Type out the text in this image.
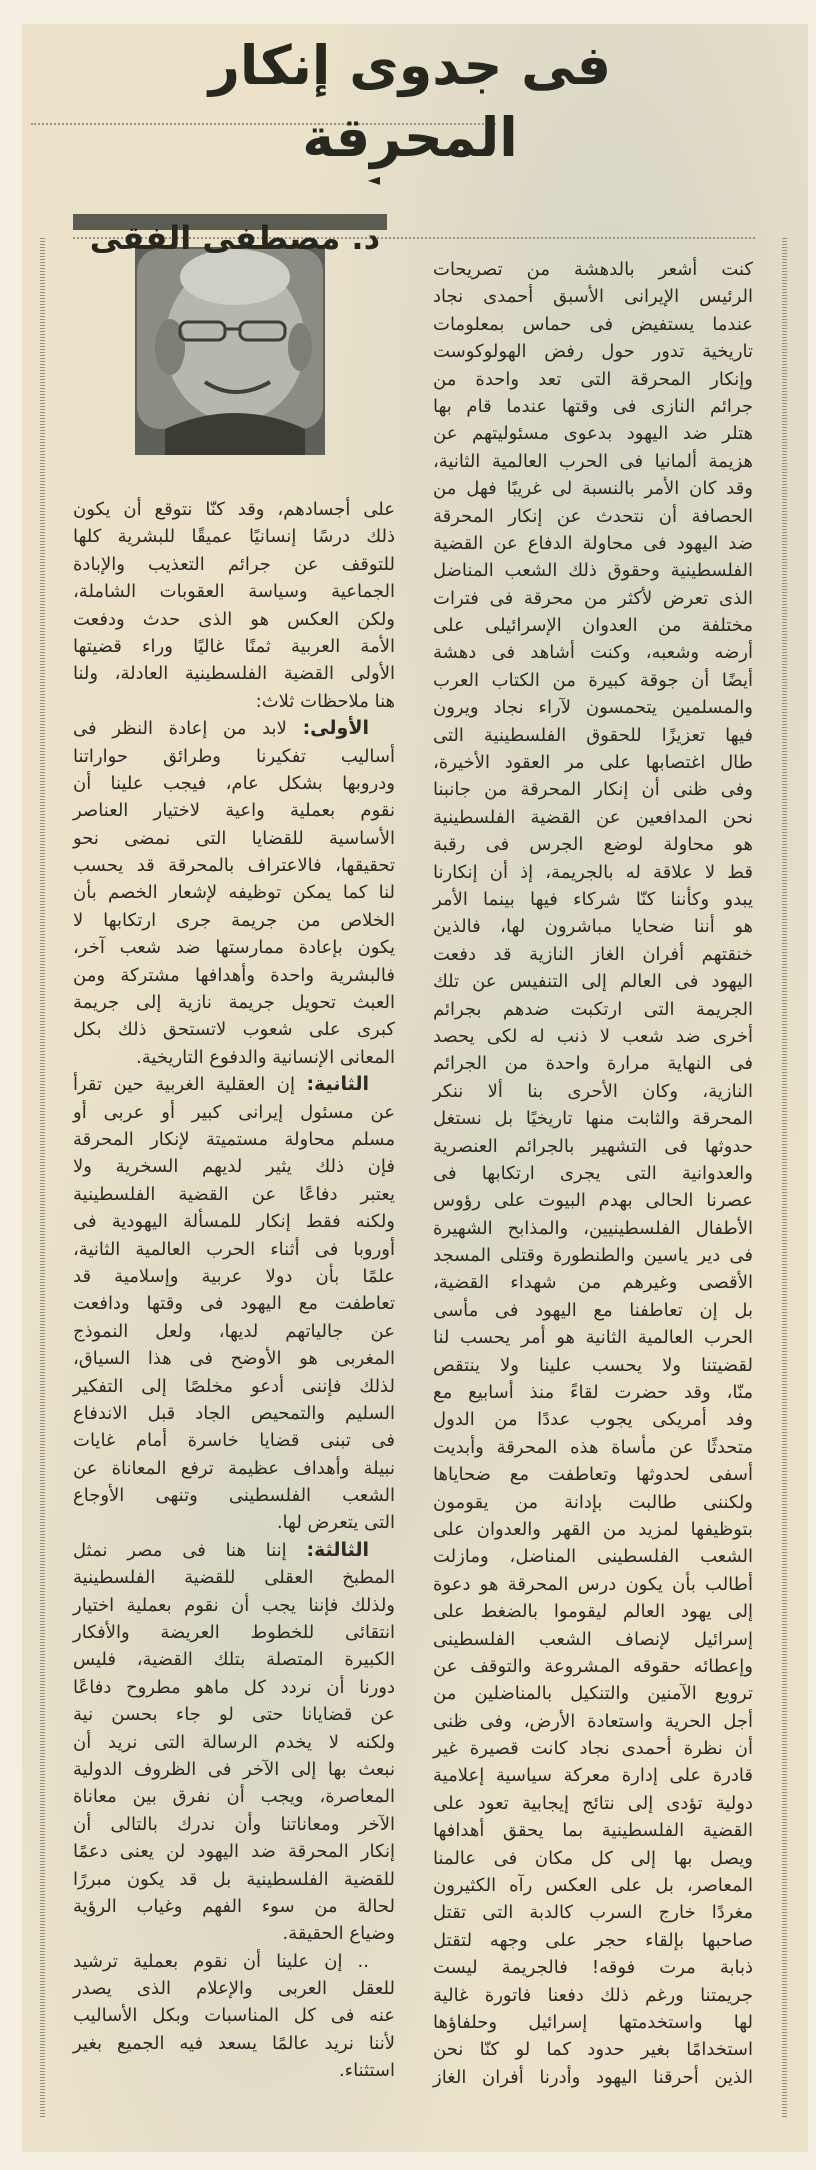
فى جدوى إنكار المحرقة
◄د. مصطفى الفقى
كنت أشعر بالدهشة من تصريحات
الرئيس الإيرانى الأسبق أحمدى نجاد
عندما يستفيض فى حماس بمعلومات
تاريخية تدور حول رفض الهولوكوست
وإنكار المحرقة التى تعد واحدة من
جرائم النازى فى وقتها عندما قام بها
هتلر ضد اليهود بدعوى مسئوليتهم عن
هزيمة ألمانيا فى الحرب العالمية الثانية،
وقد كان الأمر بالنسبة لى غريبًا فهل من
الحصافة أن نتحدث عن إنكار المحرقة
ضد اليهود فى محاولة الدفاع عن القضية
الفلسطينية وحقوق ذلك الشعب المناضل
الذى تعرض لأكثر من محرقة فى فترات
مختلفة من العدوان الإسرائيلى على
أرضه وشعبه، وكنت أشاهد فى دهشة
أيضًا أن جوقة كبيرة من الكتاب العرب
والمسلمين يتحمسون لآراء نجاد ويرون
فيها تعزيزًا للحقوق الفلسطينية التى
طال اغتصابها على مر العقود الأخيرة،
وفى ظنى أن إنكار المحرقة من جانبنا
نحن المدافعين عن القضية الفلسطينية
هو محاولة لوضع الجرس فى رقبة
قط لا علاقة له بالجريمة، إذ أن إنكارنا
يبدو وكأننا كنّا شركاء فيها بينما الأمر
هو أننا ضحايا مباشرون لها، فالذين
خنقتهم أفران الغاز النازية قد دفعت
اليهود فى العالم إلى التنفيس عن تلك
الجريمة التى ارتكبت ضدهم بجرائم
أخرى ضد شعب لا ذنب له لكى يحصد
فى النهاية مرارة واحدة من الجرائم
النازية، وكان الأحرى بنا ألا ننكر
المحرقة والثابت منها تاريخيًا بل نستغل
حدوثها فى التشهير بالجرائم العنصرية
والعدوانية التى يجرى ارتكابها فى
عصرنا الحالى بهدم البيوت على رؤوس
الأطفال الفلسطينيين، والمذابح الشهيرة
فى دير ياسين والطنطورة وقتلى المسجد
الأقصى وغيرهم من شهداء القضية،
بل إن تعاطفنا مع اليهود فى مأسى
الحرب العالمية الثانية هو أمر يحسب لنا
لقضيتنا ولا يحسب علينا ولا ينتقص
منّا، وقد حضرت لقاءً منذ أسابيع مع
وفد أمريكى يجوب عددًا من الدول
متحدثًا عن مأساة هذه المحرقة وأبديت
أسفى لحدوثها وتعاطفت مع ضحاياها
ولكننى طالبت بإدانة من يقومون
بتوظيفها لمزيد من القهر والعدوان على
الشعب الفلسطينى المناضل، ومازلت
أطالب بأن يكون درس المحرقة هو دعوة
إلى يهود العالم ليقوموا بالضغط على
إسرائيل لإنصاف الشعب الفلسطينى
وإعطائه حقوقه المشروعة والتوقف عن
ترويع الآمنين والتنكيل بالمناضلين من
أجل الحرية واستعادة الأرض، وفى ظنى
أن نظرة أحمدى نجاد كانت قصيرة غير
قادرة على إدارة معركة سياسية إعلامية
دولية تؤدى إلى نتائج إيجابية تعود على
القضية الفلسطينية بما يحقق أهدافها
ويصل بها إلى كل مكان فى عالمنا
المعاصر، بل على العكس رآه الكثيرون
مغردًا خارج السرب كالدبة التى تقتل
صاحبها بإلقاء حجر على وجهه لتقتل
ذبابة مرت فوقه! فالجريمة ليست
جريمتنا ورغم ذلك دفعنا فاتورة غالية
لها واستخدمتها إسرائيل وحلفاؤها
استخدامًا بغير حدود كما لو كنّا نحن
الذين أحرقنا اليهود وأدرنا أفران الغاز
على أجسادهم، وقد كنّا نتوقع أن يكون
ذلك درسًا إنسانيًا عميقًا للبشرية كلها
للتوقف عن جرائم التعذيب والإبادة
الجماعية وسياسة العقوبات الشاملة،
ولكن العكس هو الذى حدث ودفعت
الأمة العربية ثمنًا غاليًا وراء قضيتها
الأولى القضية الفلسطينية العادلة، ولنا
هنا ملاحظات ثلاث:
الأولى: لابد من إعادة النظر فى
أساليب تفكيرنا وطرائق حواراتنا
ودروبها بشكل عام، فيجب علينا أن
نقوم بعملية واعية لاختيار العناصر
الأساسية للقضايا التى نمضى نحو
تحقيقها، فالاعتراف بالمحرقة قد يحسب
لنا كما يمكن توظيفه لإشعار الخصم بأن
الخلاص من جريمة جرى ارتكابها لا
يكون بإعادة ممارستها ضد شعب آخر،
فالبشرية واحدة وأهدافها مشتركة ومن
العبث تحويل جريمة نازية إلى جريمة
كبرى على شعوب لاتستحق ذلك بكل
المعانى الإنسانية والدفوع التاريخية.
الثانية: إن العقلية الغربية حين تقرأ
عن مسئول إيرانى كبير أو عربى أو
مسلم محاولة مستميتة لإنكار المحرقة
فإن ذلك يثير لديهم السخرية ولا
يعتبر دفاعًا عن القضية الفلسطينية
ولكنه فقط إنكار للمسألة اليهودية فى
أوروبا فى أثناء الحرب العالمية الثانية،
علمًا بأن دولا عربية وإسلامية قد
تعاطفت مع اليهود فى وقتها ودافعت
عن جالياتهم لديها، ولعل النموذج
المغربى هو الأوضح فى هذا السياق،
لذلك فإننى أدعو مخلصًا إلى التفكير
السليم والتمحيص الجاد قبل الاندفاع
فى تبنى قضايا خاسرة أمام غايات
نبيلة وأهداف عظيمة ترفع المعاناة عن
الشعب الفلسطينى وتنهى الأوجاع
التى يتعرض لها.
الثالثة: إننا هنا فى مصر نمثل
المطبخ العقلى للقضية الفلسطينية
ولذلك فإننا يجب أن نقوم بعملية اختيار
انتقائى للخطوط العريضة والأفكار
الكبيرة المتصلة بتلك القضية، فليس
دورنا أن نردد كل ماهو مطروح دفاعًا
عن قضايانا حتى لو جاء بحسن نية
ولكنه لا يخدم الرسالة التى نريد أن
نبعث بها إلى الآخر فى الظروف الدولية
المعاصرة، ويجب أن نفرق بين معاناة
الآخر ومعاناتنا وأن ندرك بالتالى أن
إنكار المحرقة ضد اليهود لن يعنى دعمًا
للقضية الفلسطينية بل قد يكون مبررًا
لحالة من سوء الفهم وغياب الرؤية
وضياع الحقيقة.
.. إن علينا أن نقوم بعملية ترشيد
للعقل العربى والإعلام الذى يصدر
عنه فى كل المناسبات وبكل الأساليب
لأننا نريد عالمًا يسعد فيه الجميع بغير
استثناء.
